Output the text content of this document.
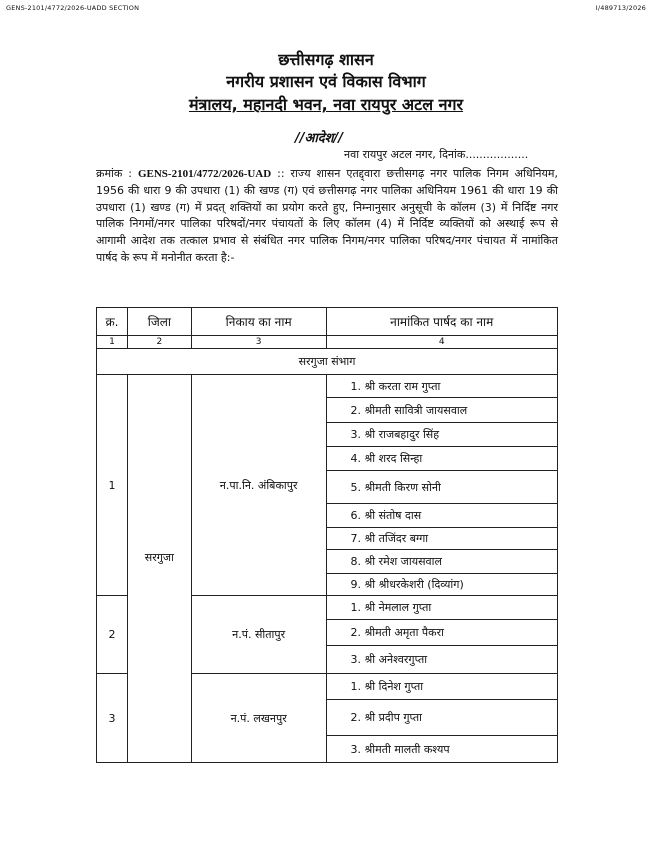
GENS-2101/4772/2026-UADD SECTION	I/489713/2026
छत्तीसगढ़ शासन
नगरीय प्रशासन एवं विकास विभाग
मंत्रालय, महानदी भवन, नवा रायपुर अटल नगर
//आदेश//
नवा रायपुर अटल नगर, दिनांक..................
क्रमांक : GENS-2101/4772/2026-UAD :: राज्य शासन एतद्द्वारा छत्तीसगढ़ नगर पालिक निगम अधिनियम, 1956 की धारा 9 की उपधारा (1) की खण्ड (ग) एवं छत्तीसगढ़ नगर पालिका अधिनियम 1961 की धारा 19 की उपधारा (1) खण्ड (ग) में प्रदत् शक्तियों का प्रयोग करते हुए, निम्नानुसार अनुसूची के कॉलम (3) में निर्दिष्ट नगर पालिक निगमों/नगर पालिका परिषदों/नगर पंचायतों के लिए कॉलम (4) में निर्दिष्ट व्यक्तियों को अस्थाई रूप से आगामी आदेश तक तत्काल प्रभाव से संबंधित नगर पालिक निगम/नगर पालिका परिषद/नगर पंचायत में नामांकित पार्षद के रूप में मनोनीत करता है:-
क्र.	जिला	निकाय का नाम	नामांकित पार्षद का नाम
1	2	3	4
सरगुजा संभाग			
1	सरगुजा	न.पा.नि. अंबिकापुर	1. श्री करता राम गुप्ता
			2. श्रीमती सावित्री जायसवाल
			3. श्री राजबहादुर सिंह
			4. श्री शरद सिन्हा
			5. श्रीमती किरण सोनी
			6. श्री संतोष दास
			7. श्री तजिंदर बग्गा
			8. श्री रमेश जायसवाल
			9. श्री श्रीधरकेशरी (दिव्यांग)
2		न.पं. सीतापुर	1. श्री नेमलाल गुप्ता
			2. श्रीमती अमृता पैकरा
			3. श्री अनेश्वरगुप्ता
3		न.पं. लखनपुर	1. श्री दिनेश गुप्ता
			2. श्री प्रदीप गुप्ता
			3. श्रीमती मालती कश्यप
